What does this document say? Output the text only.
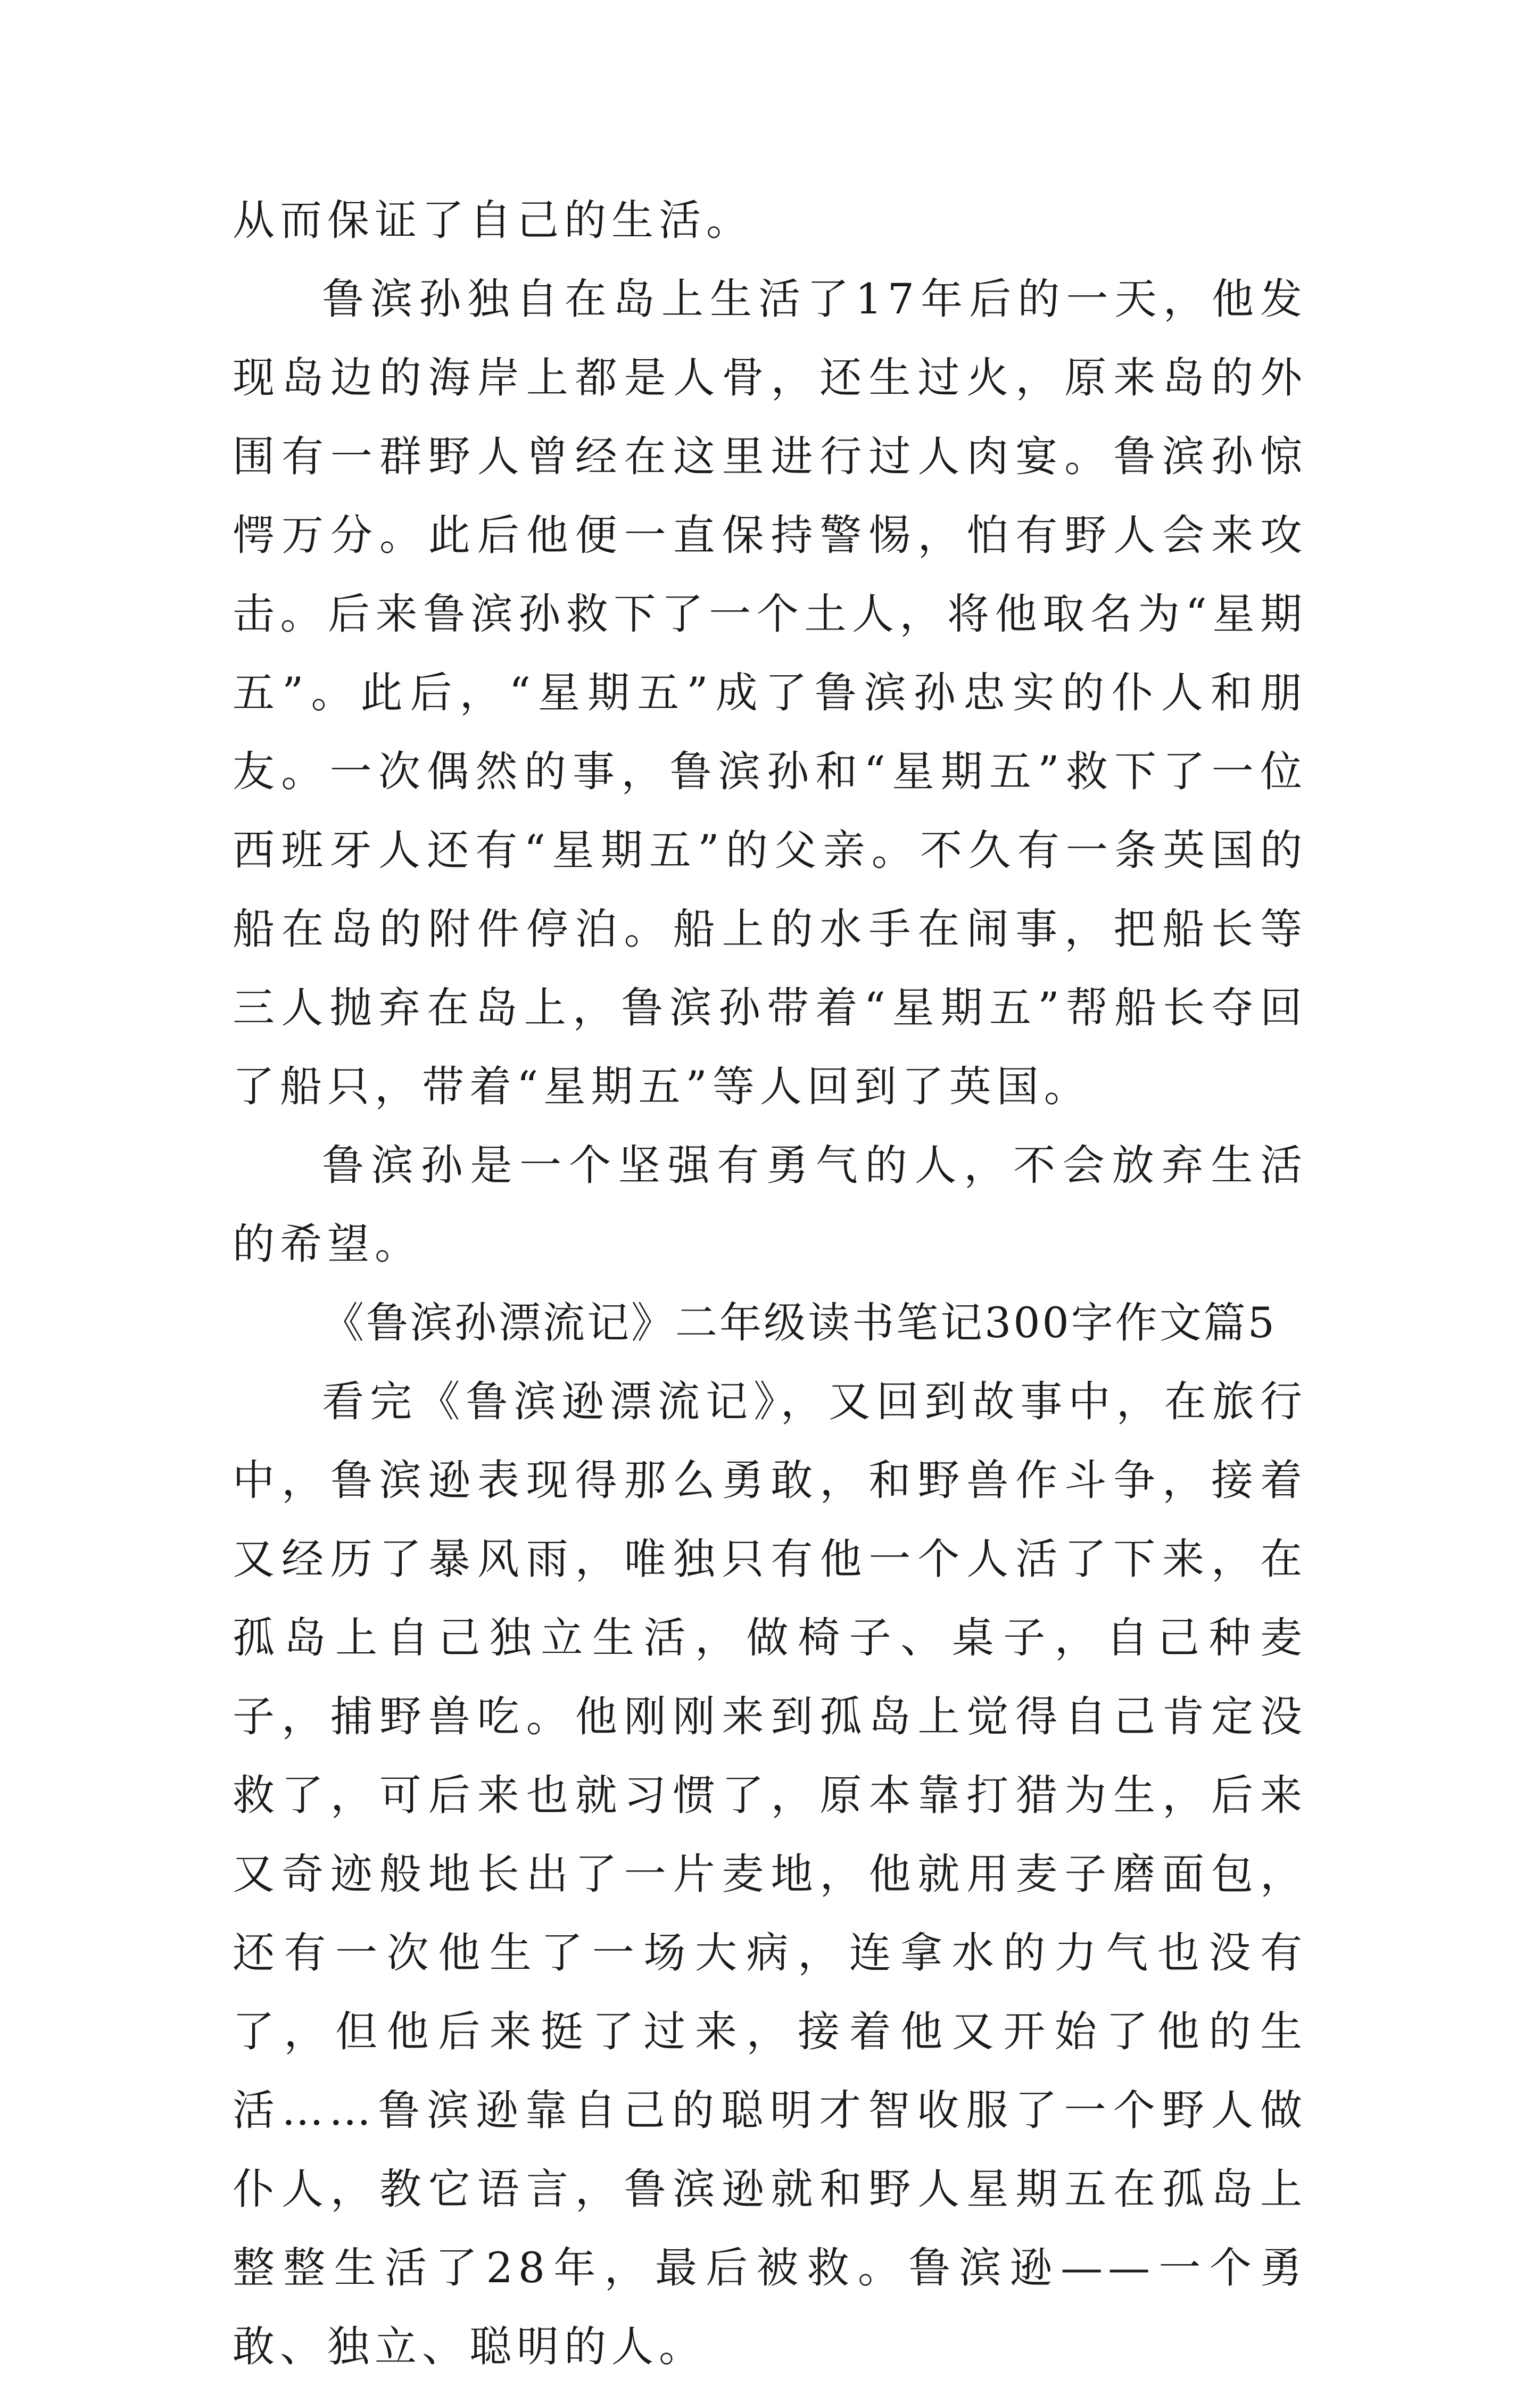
从而保证了自己的生活。

鲁滨孙独自在岛上生活了17年后的一天，他发现岛边的海岸上都是人骨，还生过火，原来岛的外围有一群野人曾经在这里进行过人肉宴。鲁滨孙惊愕万分。此后他便一直保持警惕，怕有野人会来攻击。后来鲁滨孙救下了一个土人，将他取名为“星期五”。此后，“星期五”成了鲁滨孙忠实的仆人和朋友。一次偶然的事，鲁滨孙和“星期五”救下了一位西班牙人还有“星期五”的父亲。不久有一条英国的船在岛的附件停泊。船上的水手在闹事，把船长等三人抛弃在岛上，鲁滨孙带着“星期五”帮船长夺回了船只，带着“星期五”等人回到了英国。

鲁滨孙是一个坚强有勇气的人，不会放弃生活的希望。

《鲁滨孙漂流记》二年级读书笔记300字作文篇5

看完《鲁滨逊漂流记》，又回到故事中，在旅行中，鲁滨逊表现得那么勇敢，和野兽作斗争，接着又经历了暴风雨，唯独只有他一个人活了下来，在孤岛上自己独立生活，做椅子、桌子，自己种麦子，捕野兽吃。他刚刚来到孤岛上觉得自己肯定没救了，可后来也就习惯了，原本靠打猎为生，后来又奇迹般地长出了一片麦地，他就用麦子磨面包，还有一次他生了一场大病，连拿水的力气也没有了，但他后来挺了过来，接着他又开始了他的生活……鲁滨逊靠自己的聪明才智收服了一个野人做仆人，教它语言，鲁滨逊就和野人星期五在孤岛上整整生活了28年，最后被救。鲁滨逊——一个勇敢、独立、聪明的人。
